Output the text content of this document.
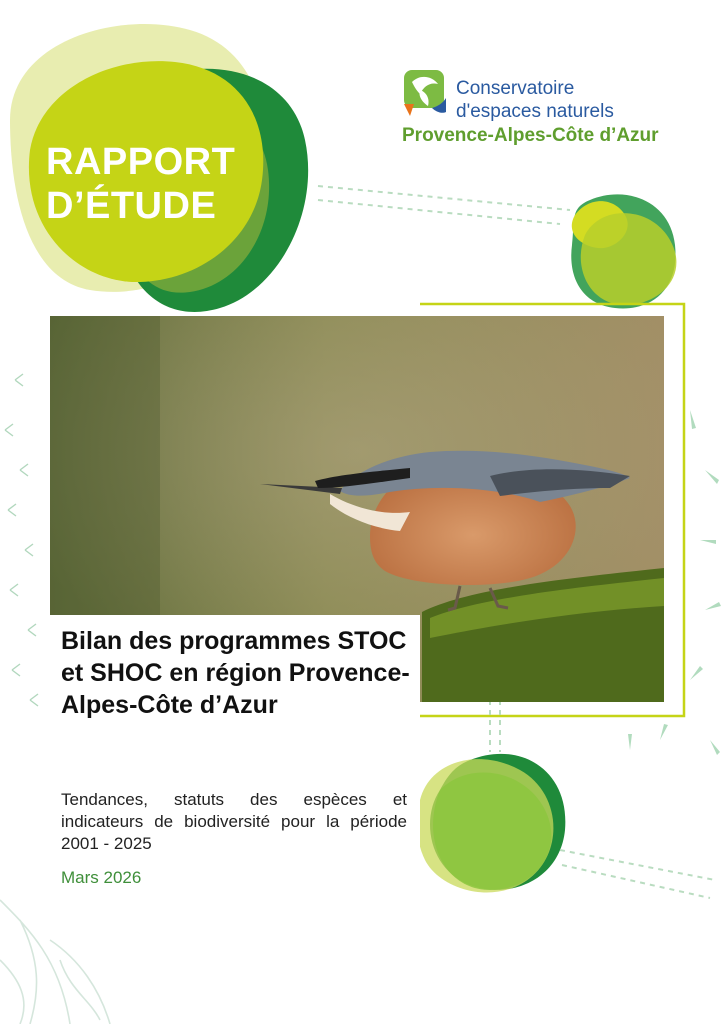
RAPPORT
D’ÉTUDE
Conservatoire
d'espaces naturels
Provence-Alpes-Côte d’Azur
Bilan des programmes STOC et SHOC en région Provence-Alpes-Côte d’Azur
Tendances, statuts des espèces et indicateurs de biodiversité pour la période 2001 - 2025
Mars 2026
